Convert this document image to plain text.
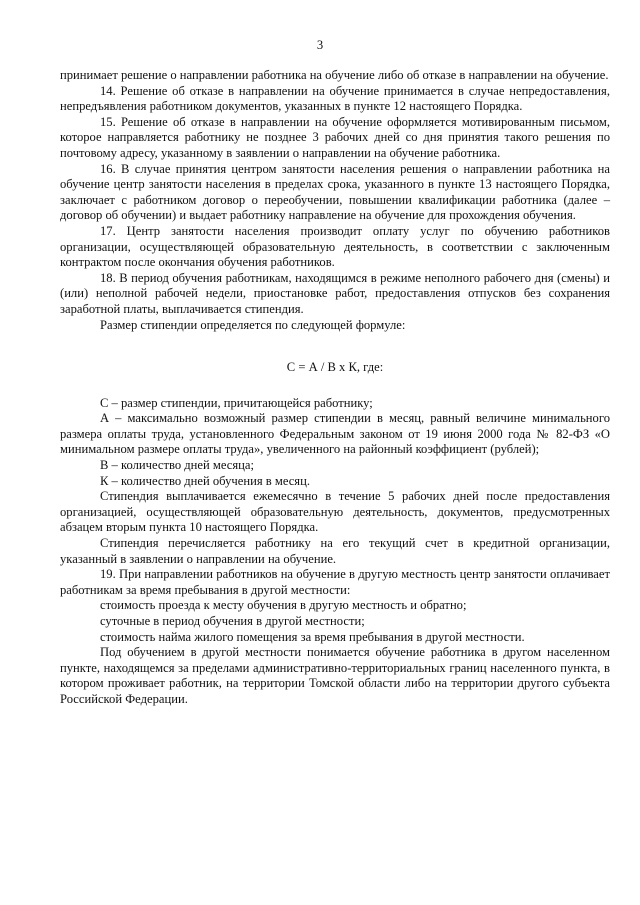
3

принимает решение о направлении работника на обучение либо об отказе в направлении на обучение.

14. Решение об отказе в направлении на обучение принимается в случае непредоставления, непредъявления работником документов, указанных в пункте 12 настоящего Порядка.

15. Решение об отказе в направлении на обучение оформляется мотивированным письмом, которое направляется работнику не позднее 3 рабочих дней со дня принятия такого решения по почтовому адресу, указанному в заявлении о направлении на обучение работника.

16. В случае принятия центром занятости населения решения о направлении работника на обучение центр занятости населения в пределах срока, указанного в пункте 13 настоящего Порядка, заключает с работником договор о переобучении, повышении квалификации работника (далее – договор об обучении) и выдает работнику направление на обучение для прохождения обучения.

17. Центр занятости населения производит оплату услуг по обучению работников организации, осуществляющей образовательную деятельность, в соответствии с заключенным контрактом после окончания обучения работников.

18. В период обучения работникам, находящимся в режиме неполного рабочего дня (смены) и (или) неполной рабочей недели, приостановке работ, предоставления отпусков без сохранения заработной платы, выплачивается стипендия.

Размер стипендии определяется по следующей формуле:

С = А / В х К, где:

С – размер стипендии, причитающейся работнику;

А – максимально возможный размер стипендии в месяц, равный величине минимального размера оплаты труда, установленного Федеральным законом от 19 июня 2000 года № 82-ФЗ «О минимальном размере оплаты труда», увеличенного на районный коэффициент (рублей);

В – количество дней месяца;

К – количество дней обучения в месяц.

Стипендия выплачивается ежемесячно в течение 5 рабочих дней после предоставления организацией, осуществляющей образовательную деятельность, документов, предусмотренных абзацем вторым пункта 10 настоящего Порядка.

Стипендия перечисляется работнику на его текущий счет в кредитной организации, указанный в заявлении о направлении на обучение.

19. При направлении работников на обучение в другую местность центр занятости оплачивает работникам за время пребывания в другой местности:

стоимость проезда к месту обучения в другую местность и обратно;

суточные в период обучения в другой местности;

стоимость найма жилого помещения за время пребывания в другой местности.

Под обучением в другой местности понимается обучение работника в другом населенном пункте, находящемся за пределами административно-территориальных границ населенного пункта, в котором проживает работник, на территории Томской области либо на территории другого субъекта Российской Федерации.
